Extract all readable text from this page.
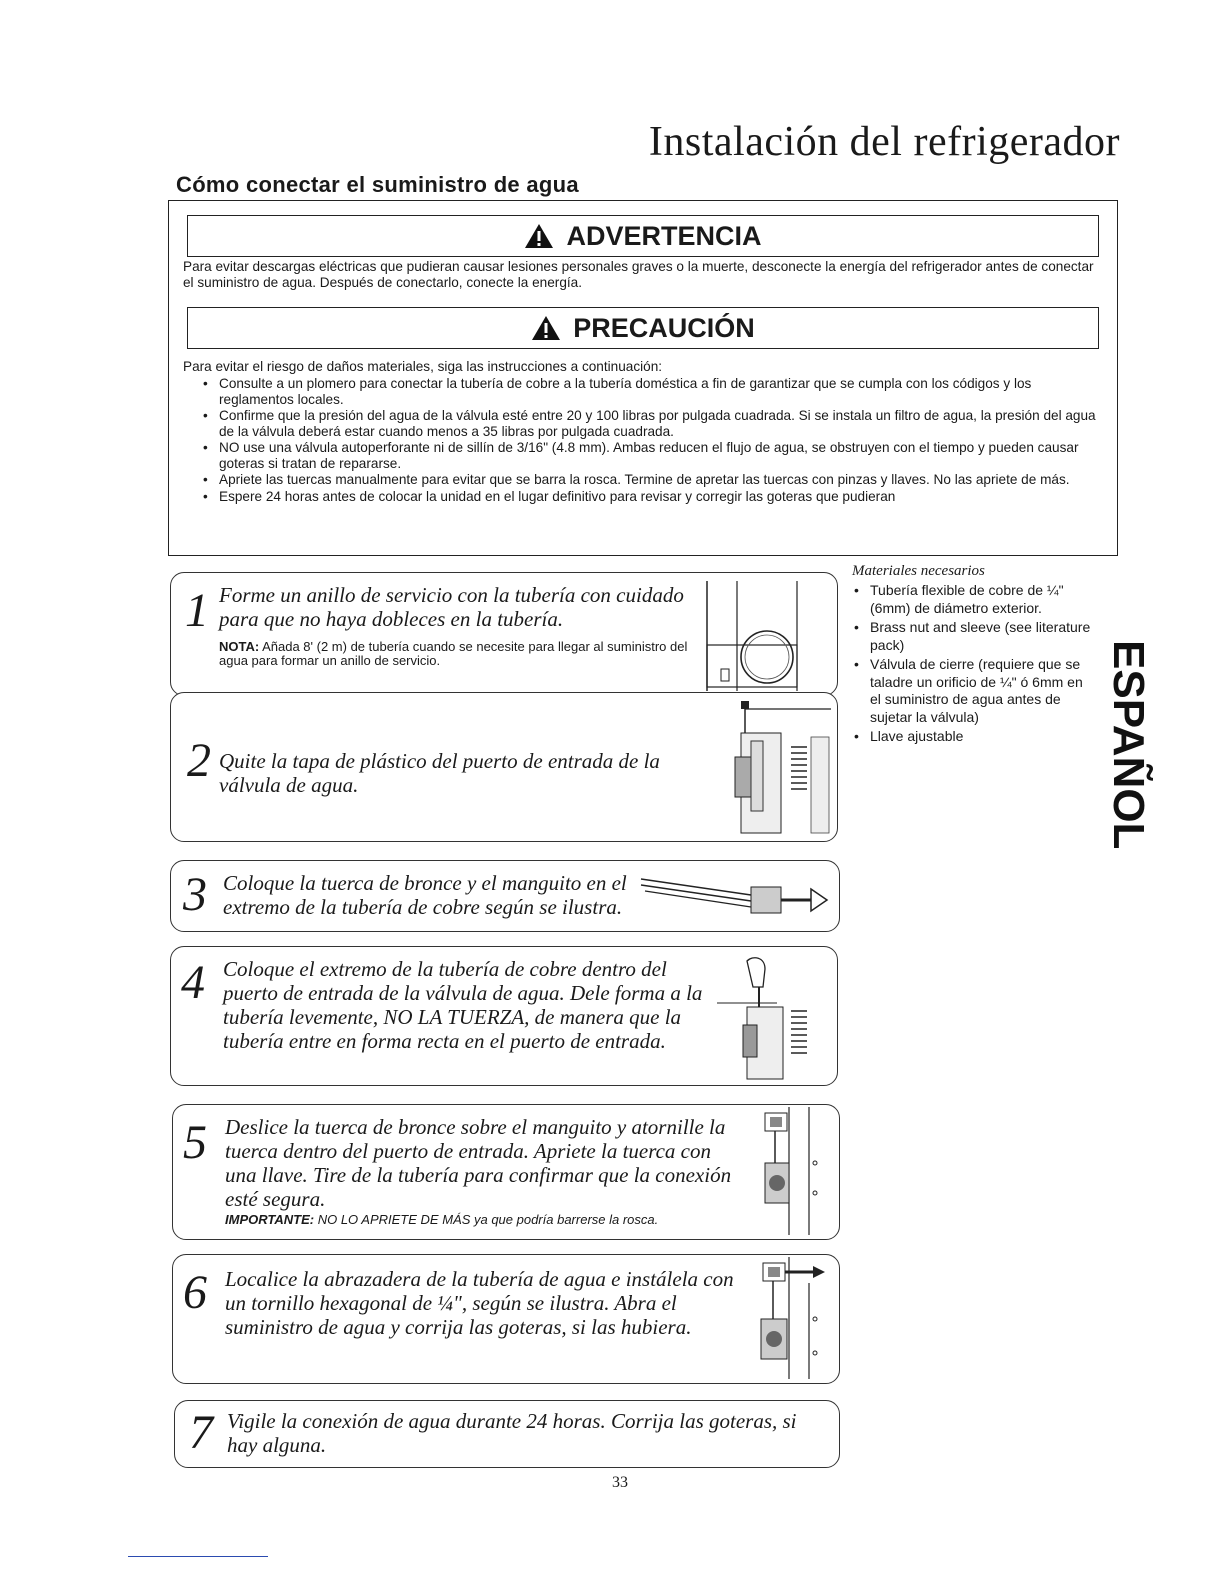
Instalación del refrigerador
Cómo conectar el suministro de agua
ADVERTENCIA
Para evitar descargas eléctricas que pudieran causar lesiones personales graves o la muerte, desconecte la energía del refrigerador antes de conectar el suministro de agua. Después de conectarlo, conecte la energía.
PRECAUCIÓN
Para evitar el riesgo de daños materiales, siga las instrucciones a continuación:
• Consulte a un plomero para conectar la tubería de cobre a la tubería doméstica a fin de garantizar que se cumpla con los códigos y los reglamentos locales.
• Confirme que la presión del agua de la válvula esté entre 20 y 100 libras por pulgada cuadrada. Si se instala un filtro de agua, la presión del agua de la válvula deberá estar cuando menos a 35 libras por pulgada cuadrada.
• NO use una válvula autoperforante ni de sillín de 3/16" (4.8 mm). Ambas reducen el flujo de agua, se obstruyen con el tiempo y pueden causar goteras si tratan de repararse.
• Apriete las tuercas manualmente para evitar que se barra la rosca. Termine de apretar las tuercas con pinzas y llaves. No las apriete de más.
• Espere 24 horas antes de colocar la unidad en el lugar definitivo para revisar y corregir las goteras que pudieran
1 Forme un anillo de servicio con la tubería con cuidado para que no haya dobleces en la tubería.
NOTA: Añada 8' (2 m) de tubería cuando se necesite para llegar al suministro del agua para formar un anillo de servicio.
2 Quite la tapa de plástico del puerto de entrada de la válvula de agua.
3 Coloque la tuerca de bronce y el manguito en el extremo de la tubería de cobre según se ilustra.
4 Coloque el extremo de la tubería de cobre dentro del puerto de entrada de la válvula de agua. Dele forma a la tubería levemente, NO LA TUERZA, de manera que la tubería entre en forma recta en el puerto de entrada.
5 Deslice la tuerca de bronce sobre el manguito y atornille la tuerca dentro del puerto de entrada. Apriete la tuerca con una llave. Tire de la tubería para confirmar que la conexión esté segura.
IMPORTANTE: NO LO APRIETE DE MÁS ya que podría barrerse la rosca.
6 Localice la abrazadera de la tubería de agua e instálela con un tornillo hexagonal de ¼", según se ilustra. Abra el suministro de agua y corrija las goteras, si las hubiera.
7 Vigile la conexión de agua durante 24 horas. Corrija las goteras, si hay alguna.
Materiales necesarios
• Tubería flexible de cobre de ¼" (6mm) de diámetro exterior.
• Brass nut and sleeve (see literature pack)
• Válvula de cierre (requiere que se taladre un orificio de ¼" ó 6mm en el suministro de agua antes de sujetar la válvula)
• Llave ajustable	ESPAÑOL
33
